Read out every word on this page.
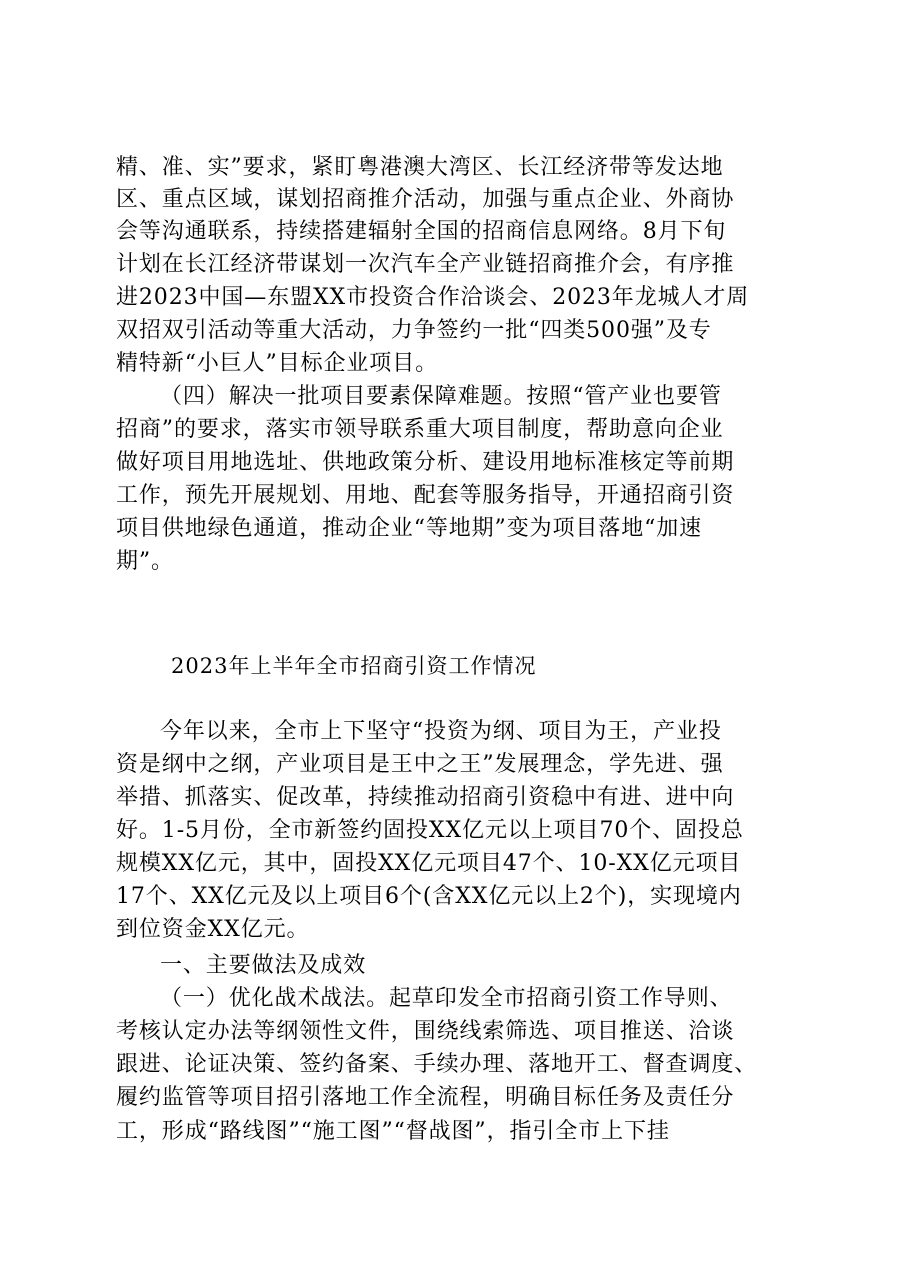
精、准、实”要求，紧盯粤港澳大湾区、长江经济带等发达地
区、重点区域，谋划招商推介活动，加强与重点企业、外商协
会等沟通联系，持续搭建辐射全国的招商信息网络。8月下旬
计划在长江经济带谋划一次汽车全产业链招商推介会，有序推
进2023中国—东盟XX市投资合作洽谈会、2023年龙城人才周
双招双引活动等重大活动，力争签约一批“四类500强”及专
精特新“小巨人”目标企业项目。
（四）解决一批项目要素保障难题。按照“管产业也要管
招商”的要求，落实市领导联系重大项目制度，帮助意向企业
做好项目用地选址、供地政策分析、建设用地标准核定等前期
工作，预先开展规划、用地、配套等服务指导，开通招商引资
项目供地绿色通道，推动企业“等地期”变为项目落地“加速
期”。
2023年上半年全市招商引资工作情况
今年以来，全市上下坚守“投资为纲、项目为王，产业投
资是纲中之纲，产业项目是王中之王”发展理念，学先进、强
举措、抓落实、促改革，持续推动招商引资稳中有进、进中向
好。1-5月份，全市新签约固投XX亿元以上项目70个、固投总
规模XX亿元，其中，固投XX亿元项目47个、10-XX亿元项目
17个、XX亿元及以上项目6个(含XX亿元以上2个)，实现境内
到位资金XX亿元。
一、主要做法及成效
（一）优化战术战法。起草印发全市招商引资工作导则、
考核认定办法等纲领性文件，围绕线索筛选、项目推送、洽谈
跟进、论证决策、签约备案、手续办理、落地开工、督查调度、
履约监管等项目招引落地工作全流程，明确目标任务及责任分
工，形成“路线图”“施工图”“督战图”，指引全市上下挂
